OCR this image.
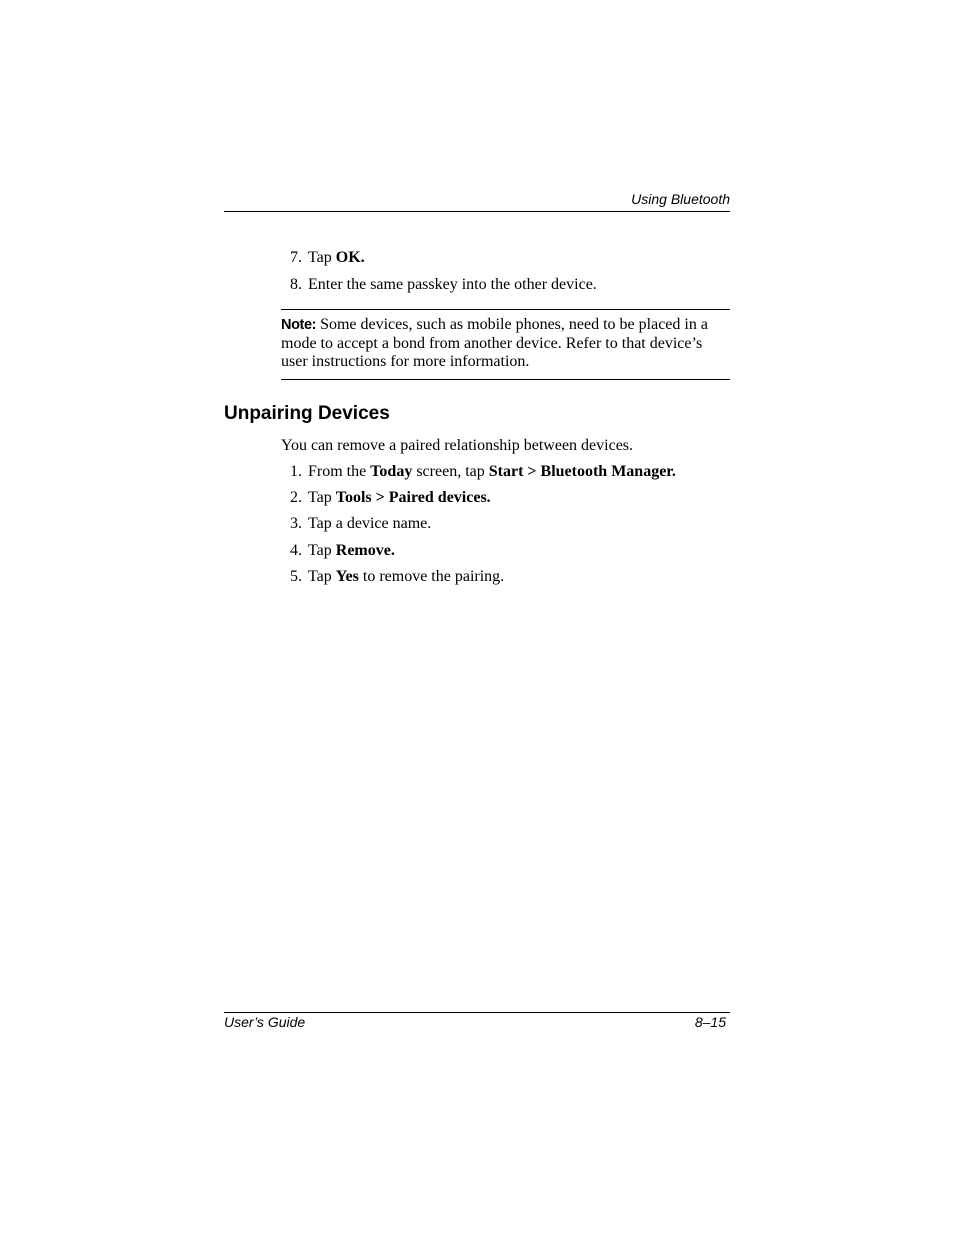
Using Bluetooth
7. Tap OK.
8. Enter the same passkey into the other device.
Note: Some devices, such as mobile phones, need to be placed in a mode to accept a bond from another device. Refer to that device’s user instructions for more information.
Unpairing Devices
You can remove a paired relationship between devices.
1. From the Today screen, tap Start > Bluetooth Manager.
2. Tap Tools > Paired devices.
3. Tap a device name.
4. Tap Remove.
5. Tap Yes to remove the pairing.
User’s Guide	8–15
